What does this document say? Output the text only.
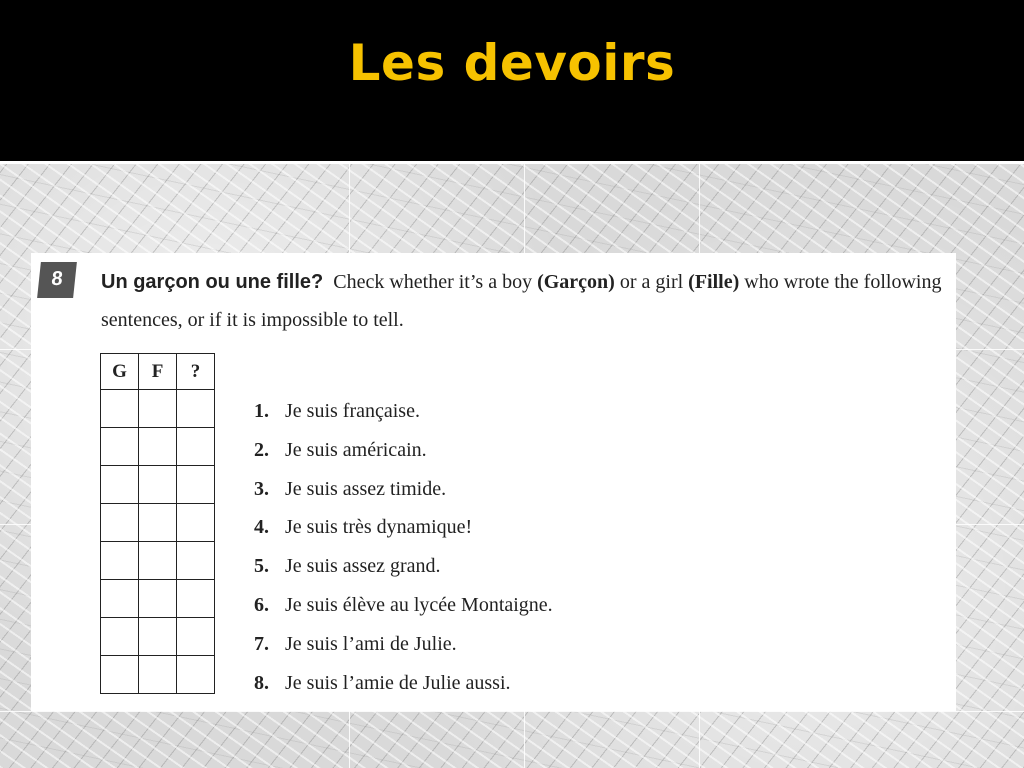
Les devoirs
8	Un garçon ou une fille? Check whether it’s a boy (Garçon) or a girl (Fille) who wrote the following sentences, or if it is impossible to tell.
G	F	?

1. Je suis française.
2. Je suis américain.
3. Je suis assez timide.
4. Je suis très dynamique!
5. Je suis assez grand.
6. Je suis élève au lycée Montaigne.
7. Je suis l’ami de Julie.
8. Je suis l’amie de Julie aussi.
